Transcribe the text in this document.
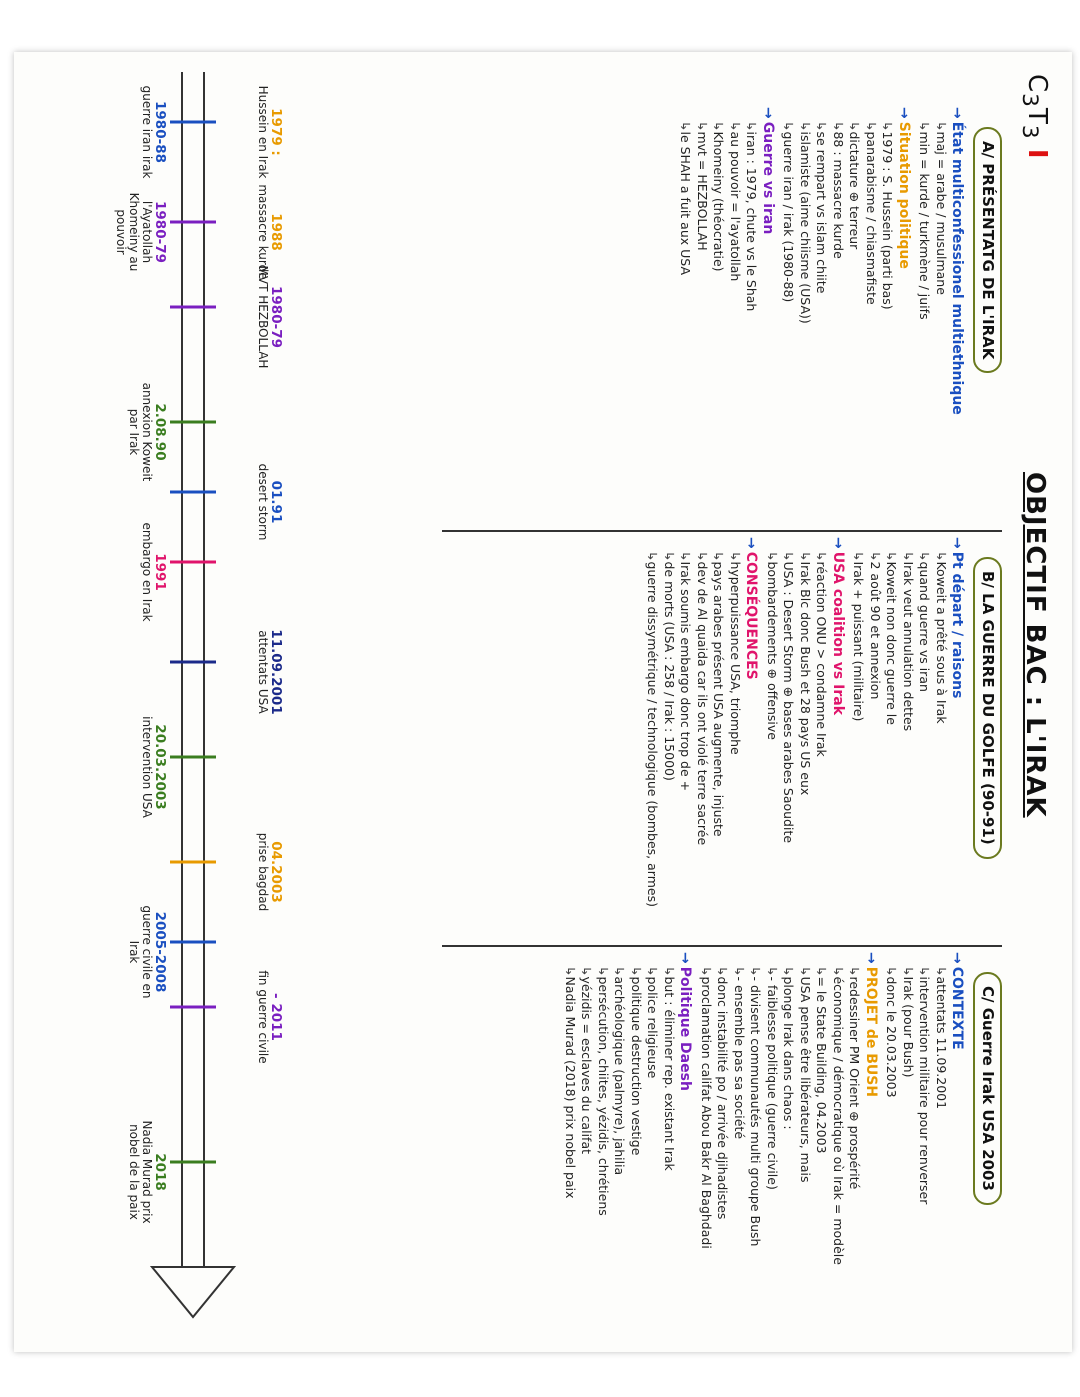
$C_3T_3$ I
OBJECTIF BAC : L'IRAK
A/ PRÉSENTATG DE L'IRAK
→État multiconfessionel multiethnique
↳ maj = arabe / musulmane
↳ min = kurde / turkmène / juifs
→Situation politique
↳ 1979 : S. Hussein (parti bas)
↳ panarabisme / chiasmafiste
↳ dictature ⊕ terreur
↳ 88 : massacre kurde
↳ se rempart vs islam chiite
↳ islamiste (aime chiisme (USA))
↳ guerre iran / irak (1980-88)
→Guerre vs iran
↳ iran : 1979, chute vs le Shah
↳ au pouvoir = l'ayatollah
↳ Khomeiny (théocratie)
↳ mvt = HEZBOLLAH
↳ le SHAH a fuit aux USA
B/ LA GUERRE DU GOLFE (90-91)
→Pt départ / raisons
↳ Koweit a prêté sous à Irak
↳ quand guerre vs iran
↳ Irak veut annulation dettes
↳ Koweit non donc guerre le
↳ 2 août 90 et annexion
↳ Irak + puissant (militaire)
→USA coalition vs Irak
↳ réaction ONU > condamne Irak
↳ Irak Blc donc Bush et 28 pays US eux
↳ USA : Desert Storm ⊕ bases arabes Saoudite
↳ bombardements ⊕ offensive
→CONSÉQUENCES
↳ hyperpuissance USA, triomphe
↳ pays arabes présent USA augmente, injuste
↳ dev de Al quaida car ils ont violé terre sacrée
↳ Irak soumis embargo donc trop de +
↳ de morts (USA : 258 / Irak : 15000)
↳ guerre dissymétrique / technologique (bombes, armes)
C/ Guerre Irak USA 2003
→CONTEXTE
↳ attentats 11.09.2001
↳ intervention militaire pour renverser
↳ Irak (pour Bush)
↳ donc le 20.03.2003
→PROJET de BUSH
↳ redessiner PM Orient ⊕ prospérité
↳ économique / démocratique où Irak = modèle
↳ = le State Building, 04.2003
↳ USA pense être libérateurs, mais
↳ plonge Irak dans chaos :
↳ - faiblesse politique (guerre civile)
↳ - divisent communautés multi groupe Bush
↳ - ensemble pas sa société
↳ donc instabilité po / arrivée djihadistes
↳ proclamation califat Abou Bakr Al Baghdadi
→Politique Daesh
↳ but : éliminer rep. existant Irak
↳ police religieuse
↳ politique destruction vestige
↳ archéologique (palmyre), jahilia
↳ persécution, chiites, yézidis, chrétiens
↳ yézidis = esclaves du califat
↳ Nadia Murad (2018) prix nobel paix
1979 :
Hussein en Irak
1980-88
guerre iran irak
1988
massacre kurde
1980-79
l'Ayatollah Khomeiny au pouvoir
1980-79
MVT HEZBOLLAH
2.08.90
annexion Koweit par Irak
01.91
desert storm
1991
embargo en Irak
11.09.2001
attentats USA
20.03.2003
intervention USA
04.2003
prise bagdad
2005-2008
guerre civile en Irak
- 2011
fin guerre civile
2018
Nadia Murad prix nobel de la paix
